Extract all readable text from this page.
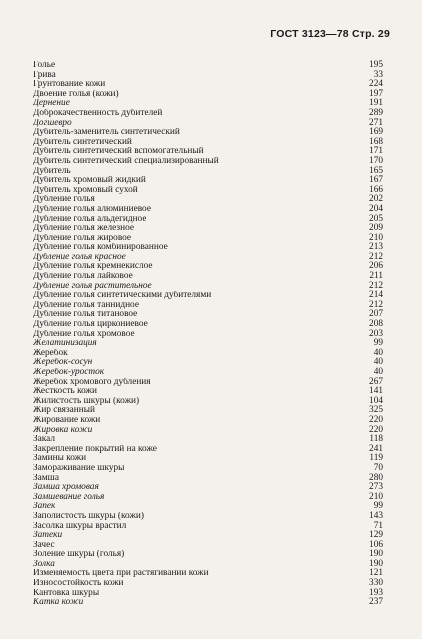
ГОСТ 3123—78 Стр. 29
Голье	195
Грива	33
Грунтование кожи	224
Двоение голья (кожи)	197
Дернение	191
Доброкачественность дубителей	289
Догшевро	271
Дубитель-заменитель синтетический	169
Дубитель синтетический	168
Дубитель синтетический вспомогательный	171
Дубитель синтетический специализированный	170
Дубитель	165
Дубитель хромовый жидкий	167
Дубитель хромовый сухой	166
Дубление голья	202
Дубление голья алюминиевое	204
Дубление голья альдегидное	205
Дубление голья железное	209
Дубление голья жировое	210
Дубление голья комбинированное	213
Дубление голья красное	212
Дубление голья кремнекислое	206
Дубление голья лайковое	211
Дубление голья растительное	212
Дубление голья синтетическими дубителями	214
Дубление голья таннидное	212
Дубление голья титановое	207
Дубление голья циркониевое	208
Дубление голья хромовое	203
Желатинизация	99
Жеребок	40
Жеребок-сосун	40
Жеребок-уросток	40
Жеребок хромового дубления	267
Жесткость кожи	141
Жилистость шкуры (кожи)	104
Жир связанный	325
Жирование кожи	220
Жировка кожи	220
Закал	118
Закрепление покрытий на коже	241
Замины кожи	119
Замораживание шкуры	70
Замша	280
Замша хромовая	273
Замшевание голья	210
Запек	99
Заполистость шкуры (кожи)	143
Засолка шкуры врастил	71
Затеки	129
Зачес	106
Золение шкуры (голья)	190
Золка	190
Изменяемость цвета при растягивании кожи	121
Износостойкость кожи	330
Кантовка шкуры	193
Катка кожи	237
